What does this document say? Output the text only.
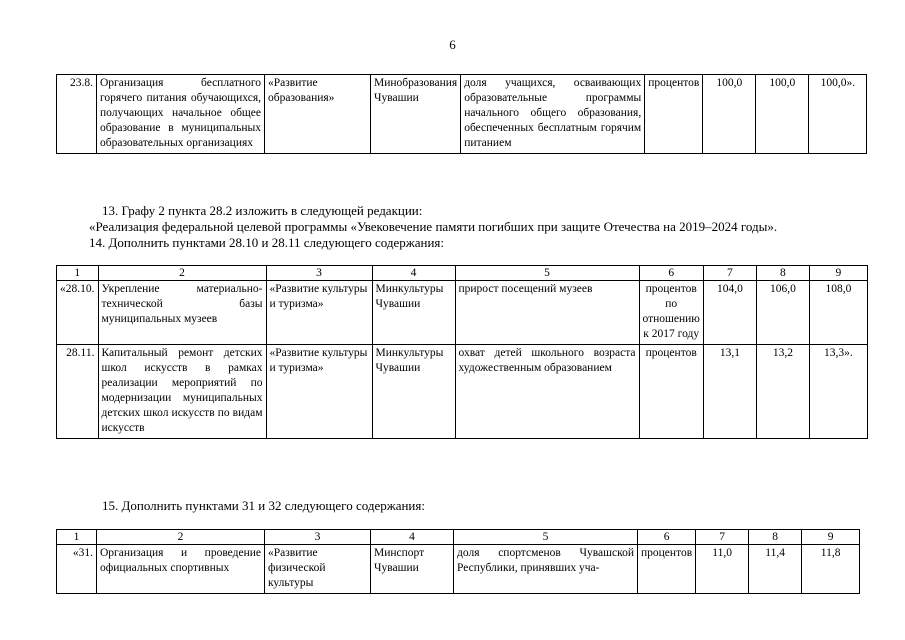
6
23.8.	Организация бесплатного горячего питания обучающихся, получающих начальное общее образование в муниципальных образовательных организациях	«Развитие образования»	Минобразования Чувашии	доля учащихся, осваивающих образовательные программы начального общего образования, обеспеченных бесплатным горячим питанием	процентов	100,0	100,0	100,0».
13. Графу 2 пункта 28.2 изложить в следующей редакции:
«Реализация федеральной целевой программы «Увековечение памяти погибших при защите Отечества на 2019–2024 годы».
14. Дополнить пунктами 28.10 и 28.11 следующего содержания:
1	2	3	4	5	6	7	8	9
«28.10.	Укрепление материально-технической базы муниципальных музеев	«Развитие культуры и туризма»	Минкультуры Чувашии	прирост посещений музеев	процентов по отношению к 2017 году	104,0	106,0	108,0
28.11.	Капитальный ремонт детских школ искусств в рамках реализации мероприятий по модернизации муниципальных детских школ искусств по видам искусств	«Развитие культуры и туризма»	Минкультуры Чувашии	охват детей школьного возраста художественным образованием	процентов	13,1	13,2	13,3».
15. Дополнить пунктами 31 и 32 следующего содержания:
1	2	3	4	5	6	7	8	9
«31.	Организация и проведение официальных спортивных	«Развитие физической культуры	Минспорт Чувашии	доля спортсменов Чувашской Республики, принявших уча-	процентов	11,0	11,4	11,8
